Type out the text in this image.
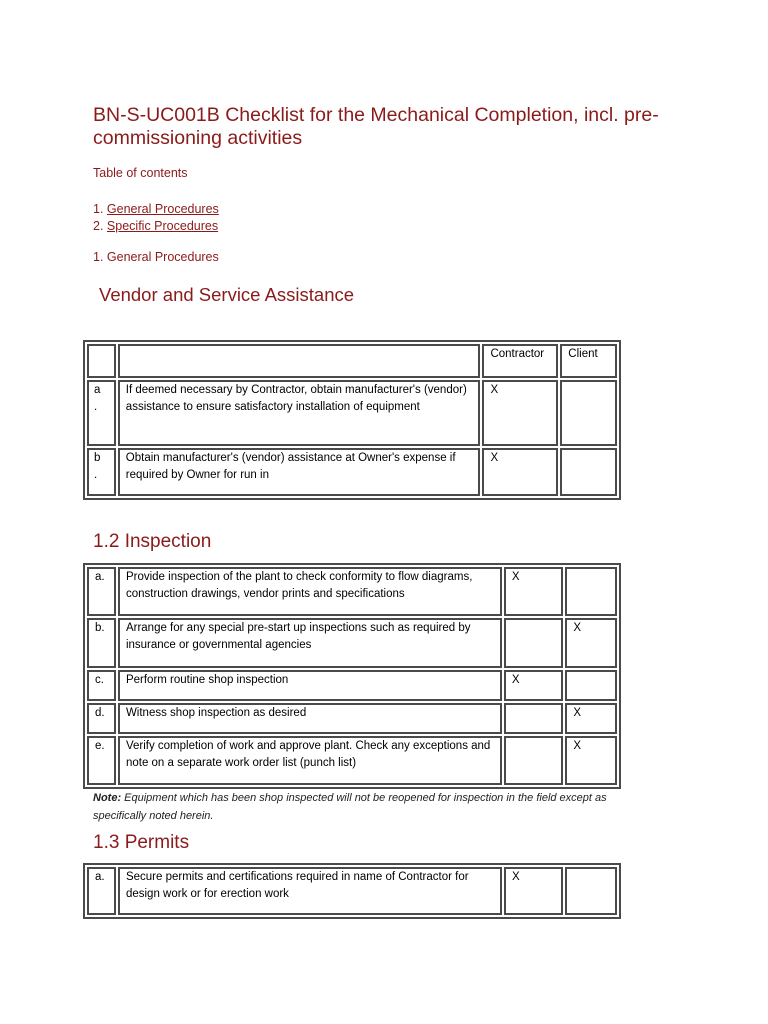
BN-S-UC001B Checklist for the Mechanical Completion, incl. pre-commissioning activities
Table of contents
1. General Procedures
2. Specific Procedures
1. General Procedures
Vendor and Service Assistance
		Contractor	Client
a
.	If deemed necessary by Contractor, obtain manufacturer's (vendor) assistance to ensure satisfactory installation of equipment	X	
b
.	Obtain manufacturer's (vendor) assistance at Owner's expense if required by Owner for run in	X	
1.2 Inspection
a.	Provide inspection of the plant to check conformity to flow diagrams, construction drawings, vendor prints and specifications	X	
b.	Arrange for any special pre-start up inspections such as required by insurance or governmental agencies		X
c.	Perform routine shop inspection	X	
d.	Witness shop inspection as desired		X
e.	Verify completion of work and approve plant. Check any exceptions and note on a separate work order list (punch list)		X
Note: Equipment which has been shop inspected will not be reopened for inspection in the field except as specifically noted herein.
1.3 Permits
a.	Secure permits and certifications required in name of Contractor for design work or for erection work	X	
